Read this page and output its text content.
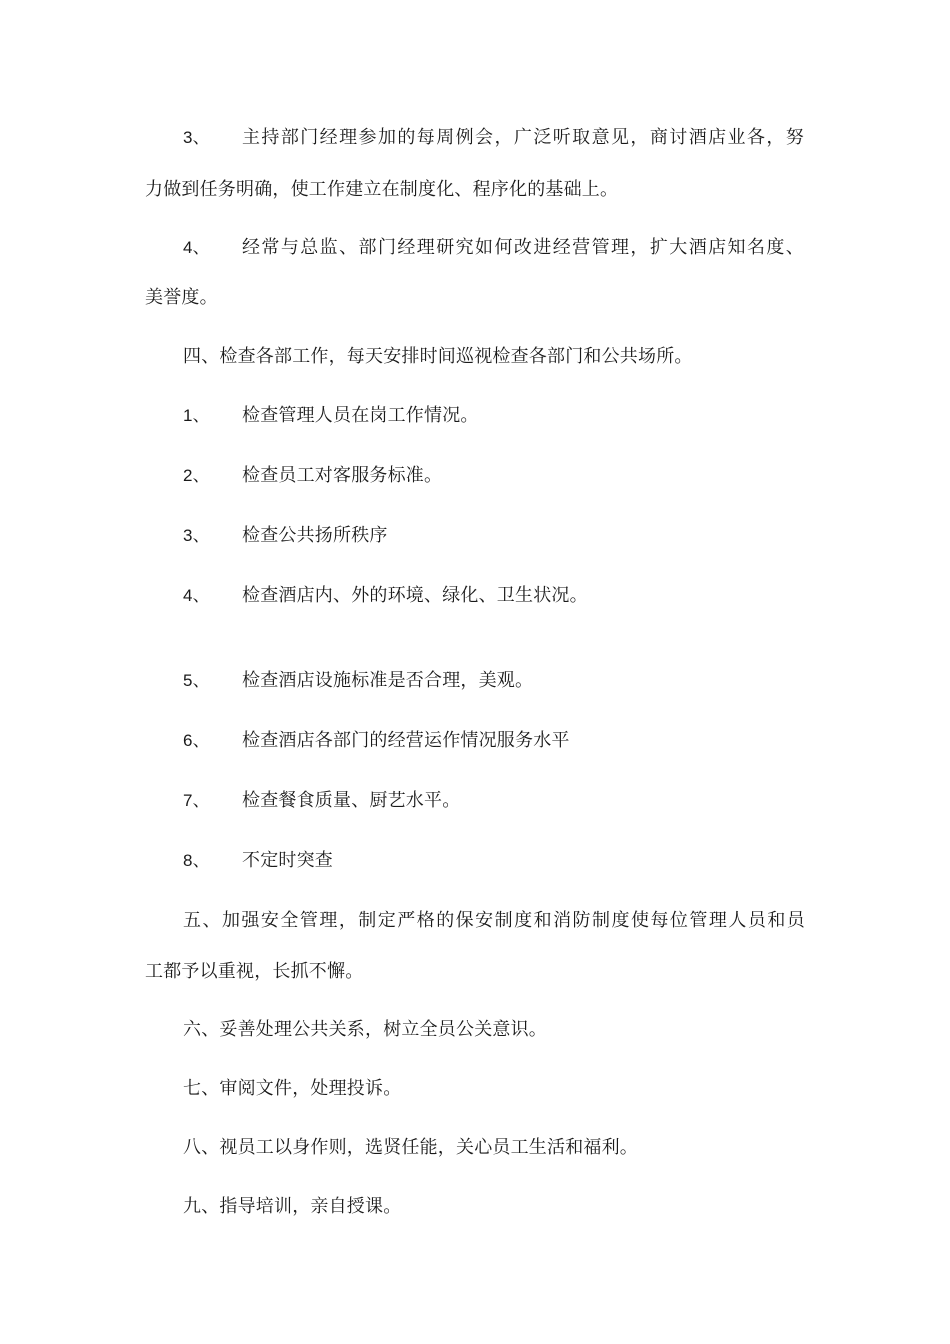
3、 主持部门经理参加的每周例会，广泛听取意见，商讨酒店业各，努
力做到任务明确，使工作建立在制度化、程序化的基础上。
4、 经常与总监、部门经理研究如何改进经营管理，扩大酒店知名度、
美誉度。
四、检查各部工作，每天安排时间巡视检查各部门和公共场所。
1、 检查管理人员在岗工作情况。
2、 检查员工对客服务标准。
3、 检查公共扬所秩序
4、 检查酒店内、外的环境、绿化、卫生状况。
5、 检查酒店设施标准是否合理，美观。
6、 检查酒店各部门的经营运作情况服务水平
7、 检查餐食质量、厨艺水平。
8、 不定时突查
五、加强安全管理，制定严格的保安制度和消防制度使每位管理人员和员
工都予以重视，长抓不懈。
六、妥善处理公共关系，树立全员公关意识。
七、审阅文件，处理投诉。
八、视员工以身作则，选贤任能，关心员工生活和福利。
九、指导培训，亲自授课。
